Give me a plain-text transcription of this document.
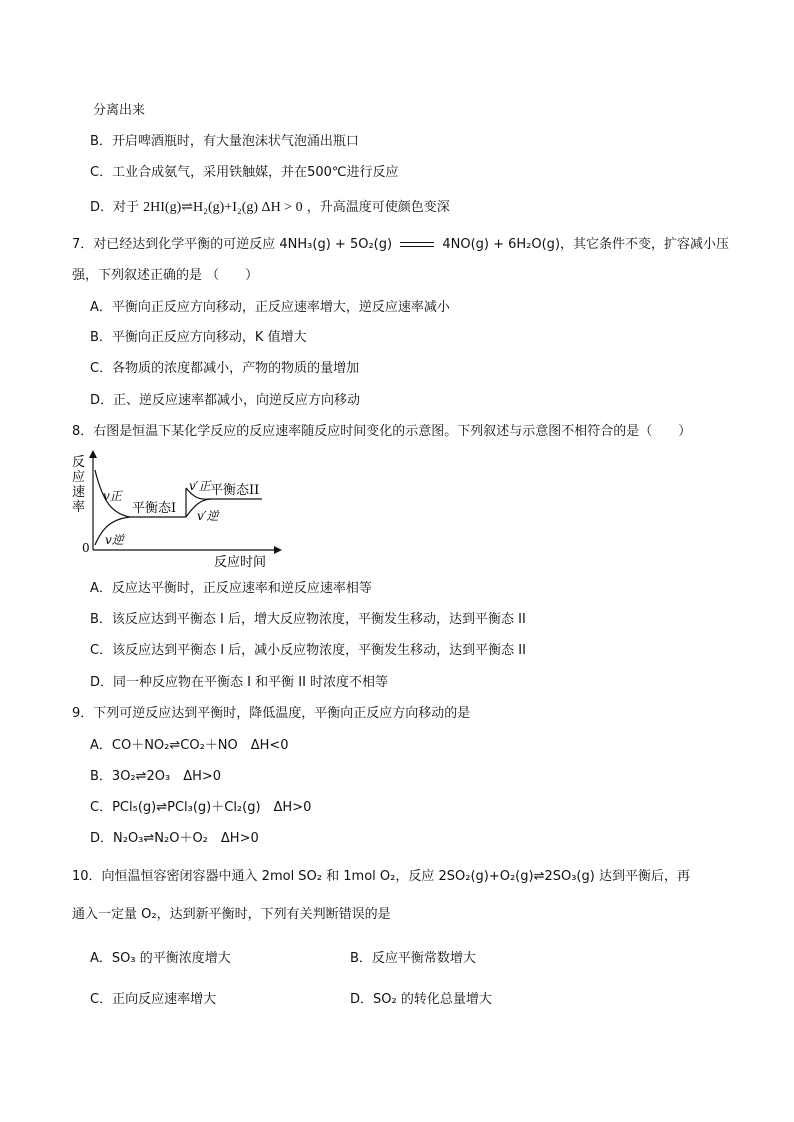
分离出来
B．开启啤酒瓶时，有大量泡沫状气泡涌出瓶口
C．工业合成氨气，采用铁触媒，并在500℃进行反应
D．对于 2HI(g)⇌H₂(g)+I₂(g) ΔH > 0 ，升高温度可使颜色变深
7．对已经达到化学平衡的可逆反应 4NH₃(g) + 5O₂(g)	4NO(g) + 6H₂O(g)，其它条件不变，扩容减小压
强，下列叙述正确的是 （　　）
A．平衡向正反应方向移动，正反应速率增大，逆反应速率减小
B．平衡向正反应方向移动，K 值增大
C．各物质的浓度都减小，产物的物质的量增加
D．正、逆反应速率都减小，向逆反应方向移动
8．右图是恒温下某化学反应的反应速率随反应时间变化的示意图。下列叙述与示意图不相符合的是（　　）
反
应
速
率
0
反应时间
v正
v逆
平衡态I
v′正 平衡态II
v′逆
A．反应达平衡时，正反应速率和逆反应速率相等
B．该反应达到平衡态 I 后，增大反应物浓度，平衡发生移动，达到平衡态 II
C．该反应达到平衡态 I 后，减小反应物浓度，平衡发生移动，达到平衡态 II
D．同一种反应物在平衡态 I 和平衡 II 时浓度不相等
9．下列可逆反应达到平衡时，降低温度，平衡向正反应方向移动的是
A．CO＋NO₂⇌CO₂＋NO　ΔH<0
B．3O₂⇌2O₃　ΔH>0
C．PCl₅(g)⇌PCl₃(g)＋Cl₂(g)　ΔH>0
D．N₂O₃⇌N₂O＋O₂　ΔH>0
10．向恒温恒容密闭容器中通入 2mol SO₂ 和 1mol O₂，反应 2SO₂(g)+O₂(g)⇌2SO₃(g) 达到平衡后，再
通入一定量 O₂，达到新平衡时，下列有关判断错误的是
A．SO₃ 的平衡浓度增大	B．反应平衡常数增大
C．正向反应速率增大	D．SO₂ 的转化总量增大
